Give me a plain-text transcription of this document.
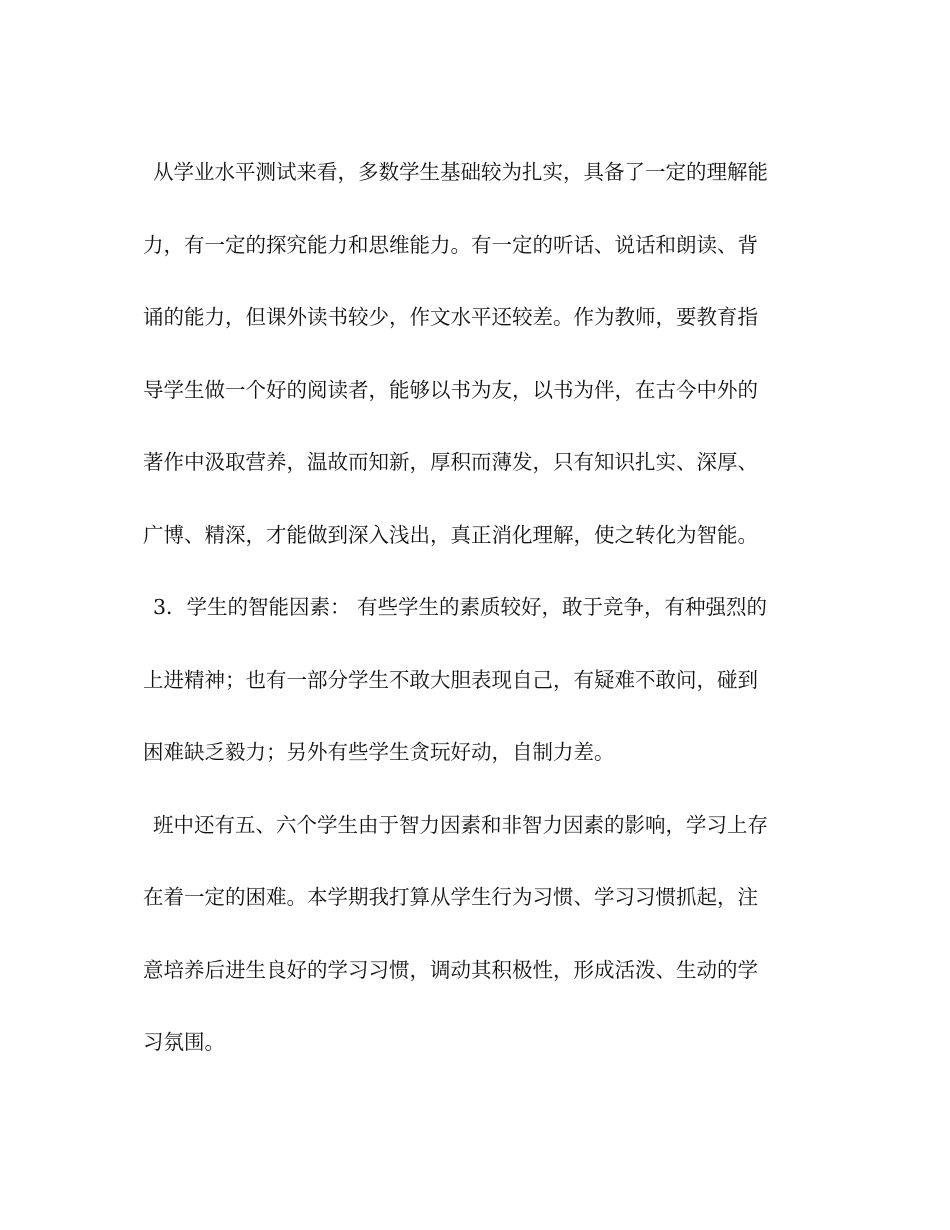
从学业水平测试来看，多数学生基础较为扎实，具备了一定的理解能
力，有一定的探究能力和思维能力。有一定的听话、说话和朗读、背
诵的能力，但课外读书较少，作文水平还较差。作为教师，要教育指
导学生做一个好的阅读者，能够以书为友，以书为伴，在古今中外的
著作中汲取营养，温故而知新，厚积而薄发，只有知识扎实、深厚、
广博、精深，才能做到深入浅出，真正消化理解，使之转化为智能。
3．学生的智能因素： 有些学生的素质较好，敢于竞争，有种强烈的
上进精神；也有一部分学生不敢大胆表现自己，有疑难不敢问，碰到
困难缺乏毅力；另外有些学生贪玩好动，自制力差。
班中还有五、六个学生由于智力因素和非智力因素的影响，学习上存
在着一定的困难。本学期我打算从学生行为习惯、学习习惯抓起，注
意培养后进生良好的学习习惯，调动其积极性，形成活泼、生动的学
习氛围。
